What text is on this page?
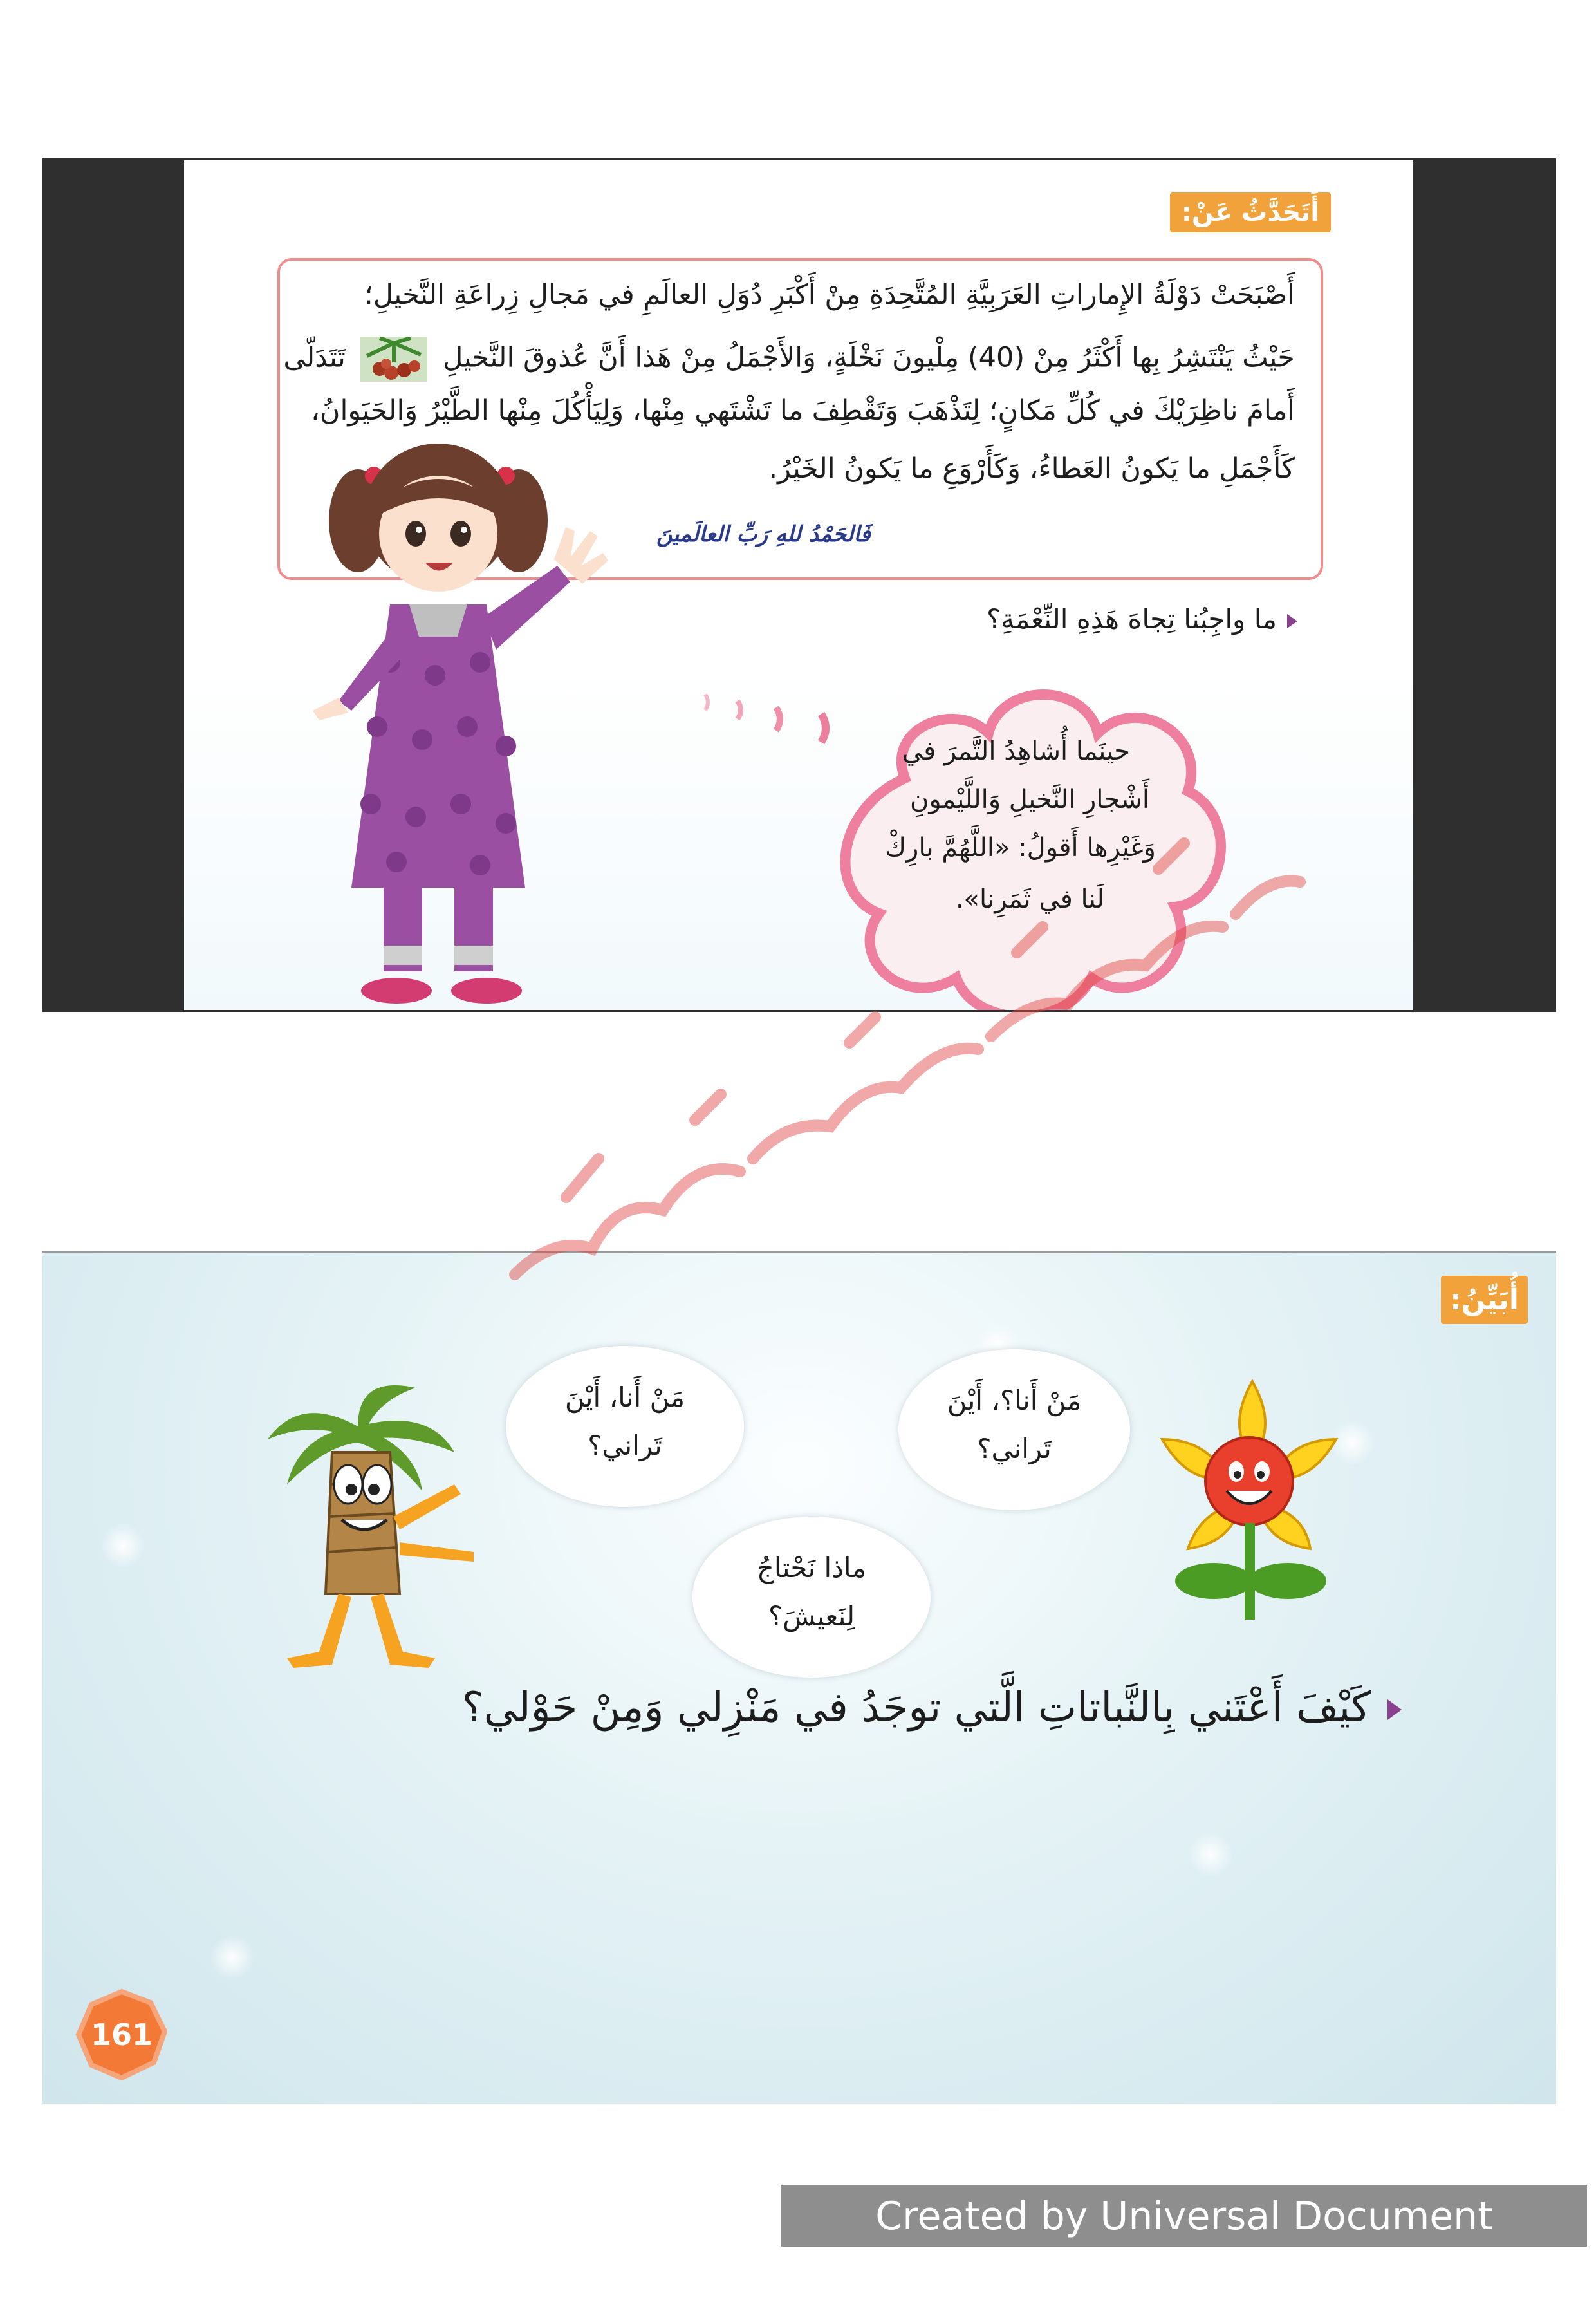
أَتَحَدَّثُ عَنْ:
أَصْبَحَتْ دَوْلَةُ الإِماراتِ العَرَبِيَّةِ المُتَّحِدَةِ مِنْ أَكْبَرِ دُوَلِ العالَمِ في مَجالِ زِراعَةِ النَّخيلِ؛
حَيْثُ يَنْتَشِرُ بِها أَكْثَرُ مِنْ (40) مِلْيونَ نَخْلَةٍ، وَالأَجْمَلُ مِنْ هَذا أَنَّ عُذوقَ النَّخيلِ  تَتَدَلّى
أَمامَ ناظِرَيْكَ في كُلِّ مَكانٍ؛ لِتَذْهَبَ وَتَقْطِفَ ما تَشْتَهي مِنْها، وَلِيَأْكُلَ مِنْها الطَّيْرُ وَالحَيَوانُ،
كَأَجْمَلِ ما يَكونُ العَطاءُ، وَكَأَرْوَعِ ما يَكونُ الخَيْرُ.
فَالحَمْدُ للهِ رَبِّ العالَمينَ
ما واجِبُنا تِجاهَ هَذِهِ النِّعْمَةِ؟
حينَما أُشاهِدُ التَّمرَ في
أَشْجارِ النَّخيلِ وَاللَّيْمونِ
وَغَيْرِها أَقولُ: «اللَّهُمَّ بارِكْ
لَنا في ثَمَرِنا».
أُبَيِّنُ:
مَنْ أَنا؟، أَيْنَ
تَراني؟
مَنْ أَنا، أَيْنَ
تَراني؟
ماذا نَحْتاجُ
لِنَعيشَ؟
كَيْفَ أَعْتَني بِالنَّباتاتِ الَّتي توجَدُ في مَنْزِلي وَمِنْ حَوْلي؟
161
Created by Universal Document Converter
